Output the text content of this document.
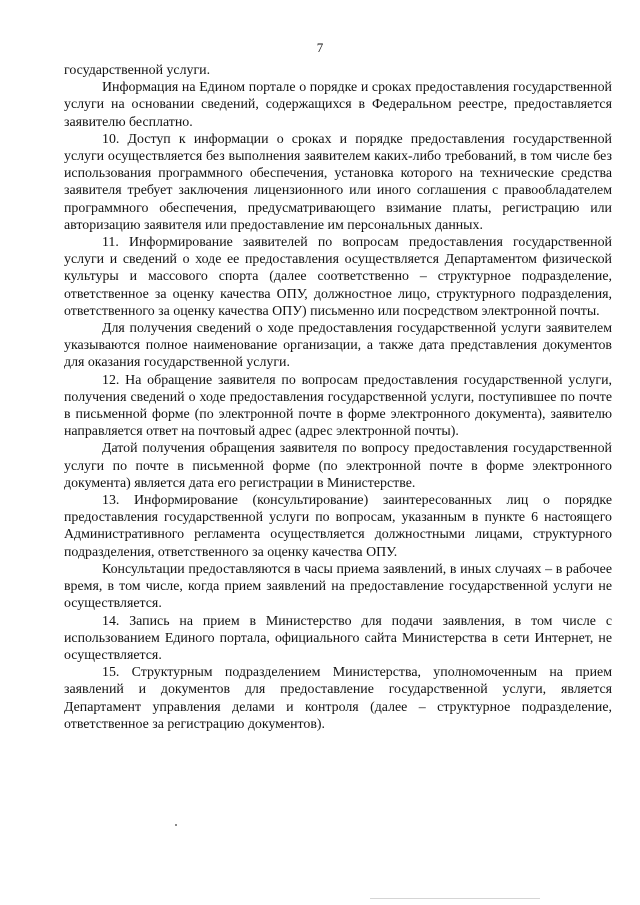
7

государственной услуги.

Информация на Едином портале о порядке и сроках предоставления государственной услуги на основании сведений, содержащихся в Федеральном реестре, предоставляется заявителю бесплатно.

10. Доступ к информации о сроках и порядке предоставления государственной услуги осуществляется без выполнения заявителем каких-либо требований, в том числе без использования программного обеспечения, установка которого на технические средства заявителя требует заключения лицензионного или иного соглашения с правообладателем программного обеспечения, предусматривающего взимание платы, регистрацию или авторизацию заявителя или предоставление им персональных данных.

11. Информирование заявителей по вопросам предоставления государственной услуги и сведений о ходе ее предоставления осуществляется Департаментом физической культуры и массового спорта (далее соответственно – структурное подразделение, ответственное за оценку качества ОПУ, должностное лицо, структурного подразделения, ответственного за оценку качества ОПУ) письменно или посредством электронной почты.

Для получения сведений о ходе предоставления государственной услуги заявителем указываются полное наименование организации, а также дата представления документов для оказания государственной услуги.

12. На обращение заявителя по вопросам предоставления государственной услуги, получения сведений о ходе предоставления государственной услуги, поступившее по почте в письменной форме (по электронной почте в форме электронного документа), заявителю направляется ответ на почтовый адрес (адрес электронной почты).

Датой получения обращения заявителя по вопросу предоставления государственной услуги по почте в письменной форме (по электронной почте в форме электронного документа) является дата его регистрации в Министерстве.

13. Информирование (консультирование) заинтересованных лиц о порядке предоставления государственной услуги по вопросам, указанным в пункте 6 настоящего Административного регламента осуществляется должностными лицами, структурного подразделения, ответственного за оценку качества ОПУ.

Консультации предоставляются в часы приема заявлений, в иных случаях – в рабочее время, в том числе, когда прием заявлений на предоставление государственной услуги не осуществляется.

14. Запись на прием в Министерство для подачи заявления, в том числе с использованием Единого портала, официального сайта Министерства в сети Интернет, не осуществляется.

15. Структурным подразделением Министерства, уполномоченным на прием заявлений и документов для предоставление государственной услуги, является Департамент управления делами и контроля (далее – структурное подразделение, ответственное за регистрацию документов).
